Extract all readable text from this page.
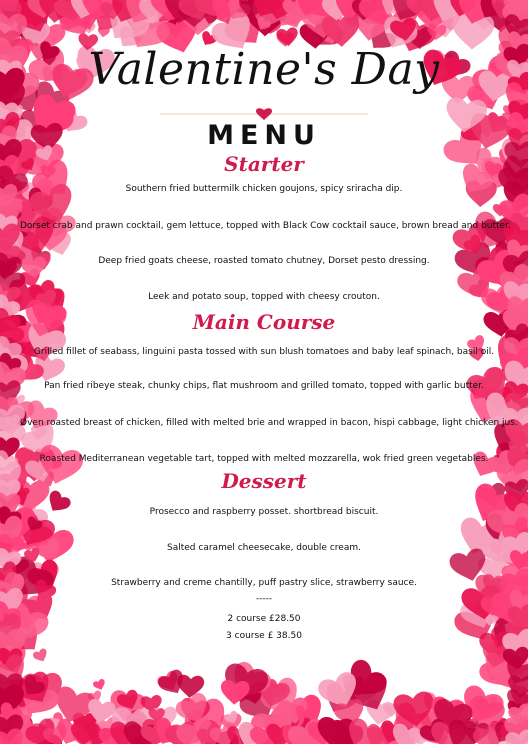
Valentine's Day
MENU
Starter
Southern fried buttermilk chicken goujons, spicy sriracha dip.
Dorset crab and prawn cocktail, gem lettuce, topped with Black Cow cocktail sauce, brown bread and butter.
Deep fried goats cheese, roasted tomato chutney, Dorset pesto dressing.
Leek and potato soup, topped with cheesy crouton.
Main Course
Grilled fillet of seabass, linguini pasta tossed with sun blush tomatoes and baby leaf spinach, basil oil.
Pan fried ribeye steak, chunky chips, flat mushroom and grilled tomato, topped with garlic butter.
Oven roasted breast of chicken, filled with melted brie and wrapped in bacon, hispi cabbage, light chicken jus.
Roasted Mediterranean vegetable tart, topped with melted mozzarella, wok fried green vegetables.
Dessert
Prosecco and raspberry posset. shortbread biscuit.
Salted caramel cheesecake, double cream.
Strawberry and creme chantilly, puff pastry slice, strawberry sauce.
-----
2 course £28.50
3 course £ 38.50
